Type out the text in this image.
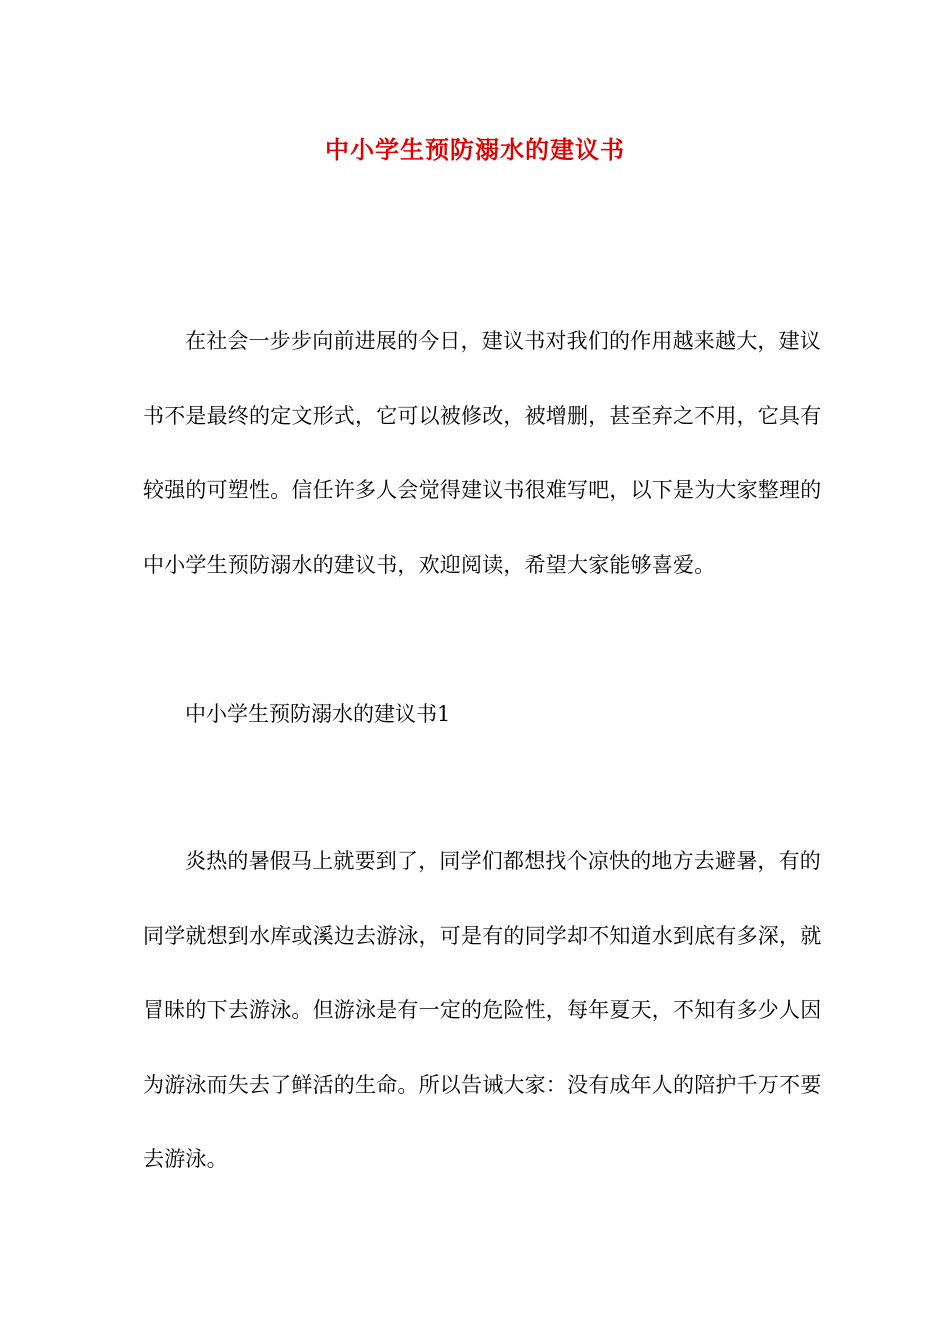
中小学生预防溺水的建议书

在社会一步步向前进展的今日，建议书对我们的作用越来越大，建议书不是最终的定文形式，它可以被修改，被增删，甚至弃之不用，它具有较强的可塑性。信任许多人会觉得建议书很难写吧，以下是为大家整理的中小学生预防溺水的建议书，欢迎阅读，希望大家能够喜爱。

中小学生预防溺水的建议书1

炎热的暑假马上就要到了，同学们都想找个凉快的地方去避暑，有的同学就想到水库或溪边去游泳，可是有的同学却不知道水到底有多深，就冒昧的下去游泳。但游泳是有一定的危险性，每年夏天，不知有多少人因为游泳而失去了鲜活的生命。所以告诫大家：没有成年人的陪护千万不要去游泳。
